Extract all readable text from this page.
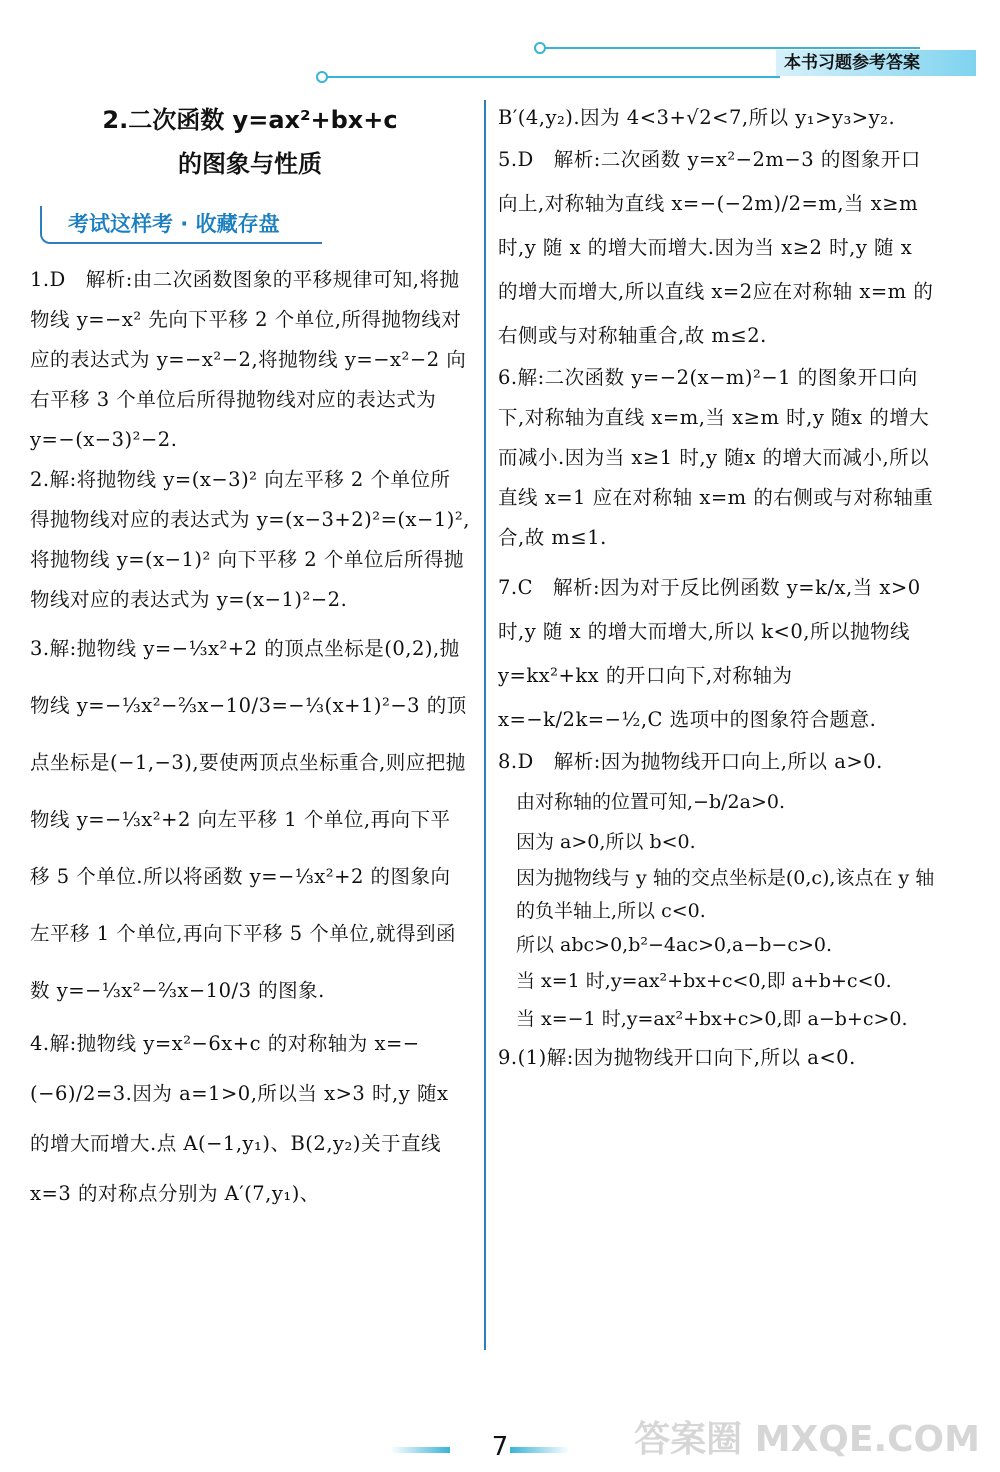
本书习题参考答案
2.二次函数 y=ax²+bx+c
的图象与性质
考试这样考 · 收藏存盘

1.D　解析:由二次函数图象的平移规律可知,将抛物线 y=−x² 先向下平移 2 个单位,所得抛物线对应的表达式为 y=−x²−2,将抛物线 y=−x²−2 向右平移 3 个单位后所得抛物线对应的表达式为 y=−(x−3)²−2.

2.解:将抛物线 y=(x−3)² 向左平移 2 个单位所得抛物线对应的表达式为 y=(x−3+2)²=(x−1)²,将抛物线 y=(x−1)² 向下平移 2 个单位后所得抛物线对应的表达式为 y=(x−1)²−2.

3.解:抛物线 y=−⅓x²+2 的顶点坐标是(0,2),抛物线 y=−⅓x²−⅔x−10/3=−⅓(x+1)²−3 的顶点坐标是(−1,−3),要使两顶点坐标重合,则应把抛物线 y=−⅓x²+2 向左平移 1 个单位,再向下平移 5 个单位.所以将函数 y=−⅓x²+2 的图象向左平移 1 个单位,再向下平移 5 个单位,就得到函数 y=−⅓x²−⅔x−10/3 的图象.

4.解:抛物线 y=x²−6x+c 的对称轴为 x=−(−6)/2=3.因为 a=1>0,所以当 x>3 时,y 随x 的增大而增大.点 A(−1,y₁)、B(2,y₂)关于直线 x=3 的对称点分别为 A′(7,y₁)、

B′(4,y₂).因为 4<3+√2<7,所以 y₁>y₃>y₂.

5.D　解析:二次函数 y=x²−2m−3 的图象开口向上,对称轴为直线 x=−(−2m)/2=m,当 x≥m 时,y 随 x 的增大而增大.因为当 x≥2 时,y 随 x 的增大而增大,所以直线 x=2应在对称轴 x=m 的右侧或与对称轴重合,故 m≤2.

6.解:二次函数 y=−2(x−m)²−1 的图象开口向下,对称轴为直线 x=m,当 x≥m 时,y 随x 的增大而减小.因为当 x≥1 时,y 随x 的增大而减小,所以直线 x=1 应在对称轴 x=m 的右侧或与对称轴重合,故 m≤1.

7.C　解析:因为对于反比例函数 y=k/x,当 x>0 时,y 随 x 的增大而增大,所以 k<0,所以抛物线y=kx²+kx 的开口向下,对称轴为 x=−k/2k=−½,C 选项中的图象符合题意.

8.D　解析:因为抛物线开口向上,所以 a>0.

由对称轴的位置可知,−b/2a>0.

因为 a>0,所以 b<0.

因为抛物线与 y 轴的交点坐标是(0,c),该点在 y 轴的负半轴上,所以 c<0.

所以 abc>0,b²−4ac>0,a−b−c>0.

当 x=1 时,y=ax²+bx+c<0,即 a+b+c<0.

当 x=−1 时,y=ax²+bx+c>0,即 a−b+c>0.

9.(1)解:因为抛物线开口向下,所以 a<0.

7	答案圈 MXQE.COM
